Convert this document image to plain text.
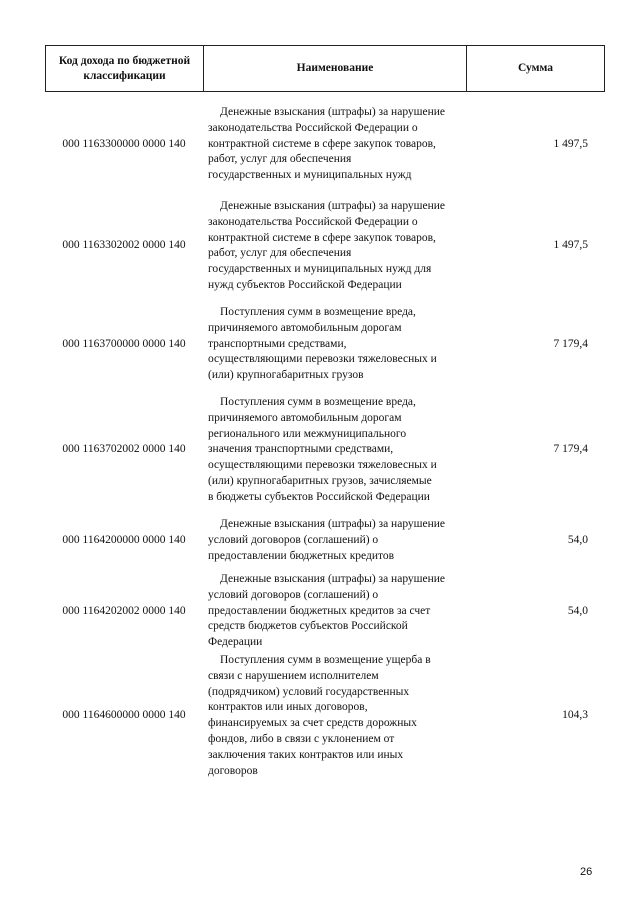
Код дохода по бюджетной классификации
Наименование	Сумма
000 1163300000 0000 140
Денежные взыскания (штрафы) за нарушение
законодательства Российской Федерации о
контрактной системе в сфере закупок товаров,
работ, услуг для обеспечения
государственных и муниципальных нужд
1 497,5
000 1163302002 0000 140
Денежные взыскания (штрафы) за нарушение
законодательства Российской Федерации о
контрактной системе в сфере закупок товаров,
работ, услуг для обеспечения
государственных и муниципальных нужд для
нужд субъектов Российской Федерации
1 497,5
000 1163700000 0000 140
Поступления сумм в возмещение вреда,
причиняемого автомобильным дорогам
транспортными средствами,
осуществляющими перевозки тяжеловесных и
(или) крупногабаритных грузов
7 179,4
000 1163702002 0000 140
Поступления сумм в возмещение вреда,
причиняемого автомобильным дорогам
регионального или межмуниципального
значения транспортными средствами,
осуществляющими перевозки тяжеловесных и
(или) крупногабаритных грузов, зачисляемые
в бюджеты субъектов Российской Федерации
7 179,4
000 1164200000 0000 140
Денежные взыскания (штрафы) за нарушение
условий договоров (соглашений) о
предоставлении бюджетных кредитов
54,0
000 1164202002 0000 140
Денежные взыскания (штрафы) за нарушение
условий договоров (соглашений) о
предоставлении бюджетных кредитов за счет
средств бюджетов субъектов Российской
Федерации
54,0
000 1164600000 0000 140
Поступления сумм в возмещение ущерба в
связи с нарушением исполнителем
(подрядчиком) условий государственных
контрактов или иных договоров,
финансируемых за счет средств дорожных
фондов, либо в связи с уклонением от
заключения таких контрактов или иных
договоров
104,3
26
